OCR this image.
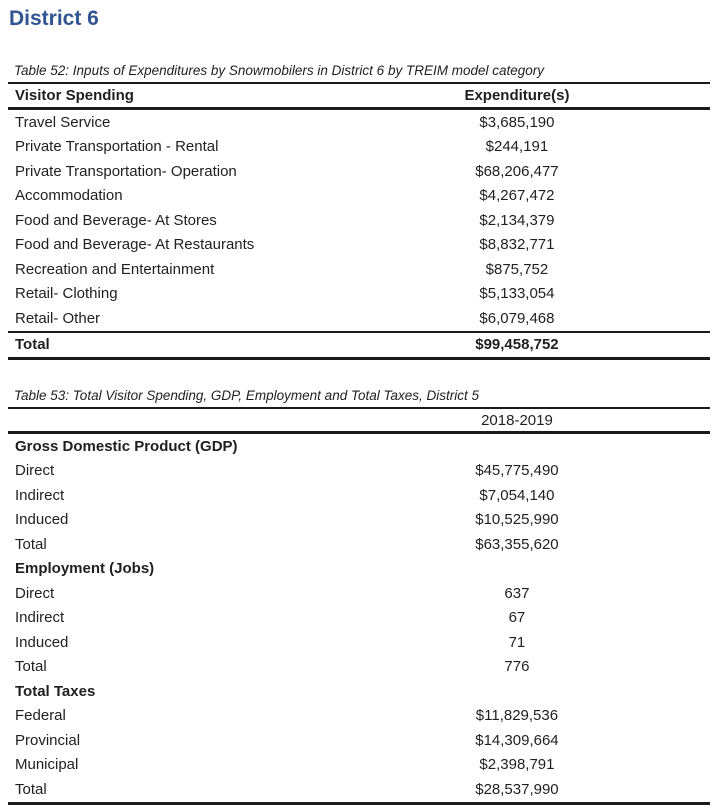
District 6
Table 52: Inputs of Expenditures by Snowmobilers in District 6 by TREIM model category
Visitor Spending	Expenditure(s)
Travel Service	$3,685,190
Private Transportation - Rental	$244,191
Private Transportation- Operation	$68,206,477
Accommodation	$4,267,472
Food and Beverage- At Stores	$2,134,379
Food and Beverage- At Restaurants	$8,832,771
Recreation and Entertainment	$875,752
Retail- Clothing	$5,133,054
Retail- Other	$6,079,468
Total	$99,458,752
Table 53: Total Visitor Spending, GDP, Employment and Total Taxes, District 5
	2018-2019
Gross Domestic Product (GDP)	
Direct	$45,775,490
Indirect	$7,054,140
Induced	$10,525,990
Total	$63,355,620
Employment (Jobs)	
Direct	637
Indirect	67
Induced	71
Total	776
Total Taxes	
Federal	$11,829,536
Provincial	$14,309,664
Municipal	$2,398,791
Total	$28,537,990
